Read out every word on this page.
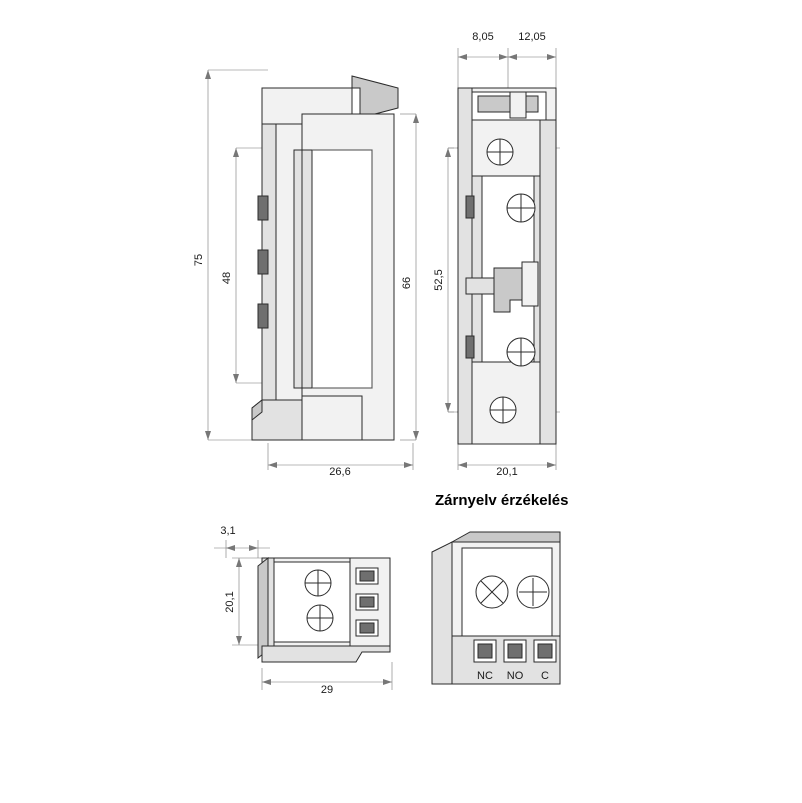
75
48	66
26,6
8,05 12,05
52,5
20,1
Zárnyelv érzékelés
3,1
20,1
29
NC NO C
